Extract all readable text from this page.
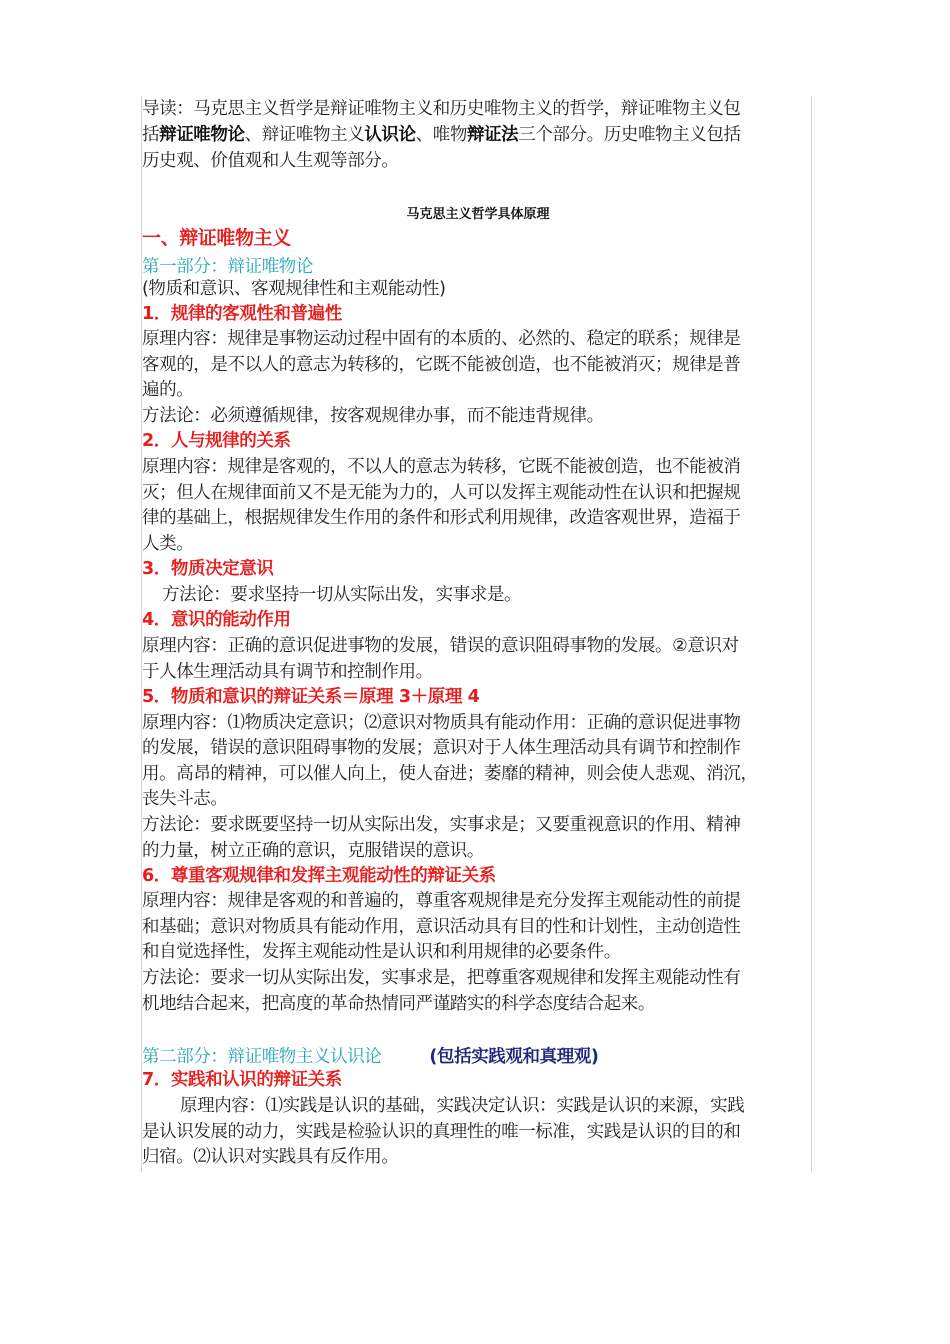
导读：马克思主义哲学是辩证唯物主义和历史唯物主义的哲学，辩证唯物主义包
括辩证唯物论、辩证唯物主义认识论、唯物辩证法三个部分。历史唯物主义包括
历史观、价值观和人生观等部分。
马克思主义哲学具体原理
一、辩证唯物主义
第一部分：辩证唯物论
(物质和意识、客观规律性和主观能动性)
1．规律的客观性和普遍性
原理内容：规律是事物运动过程中固有的本质的、必然的、稳定的联系；规律是
客观的，是不以人的意志为转移的，它既不能被创造，也不能被消灭；规律是普
遍的。
方法论：必须遵循规律，按客观规律办事，而不能违背规律。
2．人与规律的关系
原理内容：规律是客观的，不以人的意志为转移，它既不能被创造，也不能被消
灭；但人在规律面前又不是无能为力的，人可以发挥主观能动性在认识和把握规
律的基础上，根据规律发生作用的条件和形式利用规律，改造客观世界，造福于
人类。
3．物质决定意识
方法论：要求坚持一切从实际出发，实事求是。
4．意识的能动作用
原理内容：正确的意识促进事物的发展，错误的意识阻碍事物的发展。②意识对
于人体生理活动具有调节和控制作用。
5．物质和意识的辩证关系＝原理 3＋原理 4
原理内容：⑴物质决定意识；⑵意识对物质具有能动作用：正确的意识促进事物
的发展，错误的意识阻碍事物的发展；意识对于人体生理活动具有调节和控制作
用。高昂的精神，可以催人向上，使人奋进；萎靡的精神，则会使人悲观、消沉，
丧失斗志。
方法论：要求既要坚持一切从实际出发，实事求是；又要重视意识的作用、精神
的力量，树立正确的意识，克服错误的意识。
6．尊重客观规律和发挥主观能动性的辩证关系
原理内容：规律是客观的和普遍的，尊重客观规律是充分发挥主观能动性的前提
和基础；意识对物质具有能动作用，意识活动具有目的性和计划性，主动创造性
和自觉选择性，发挥主观能动性是认识和利用规律的必要条件。
方法论：要求一切从实际出发，实事求是，把尊重客观规律和发挥主观能动性有
机地结合起来，把高度的革命热情同严谨踏实的科学态度结合起来。
第二部分：辩证唯物主义认识论	(包括实践观和真理观)
7．实践和认识的辩证关系
原理内容：⑴实践是认识的基础，实践决定认识：实践是认识的来源，实践
是认识发展的动力，实践是检验认识的真理性的唯一标准，实践是认识的目的和
归宿。⑵认识对实践具有反作用。
